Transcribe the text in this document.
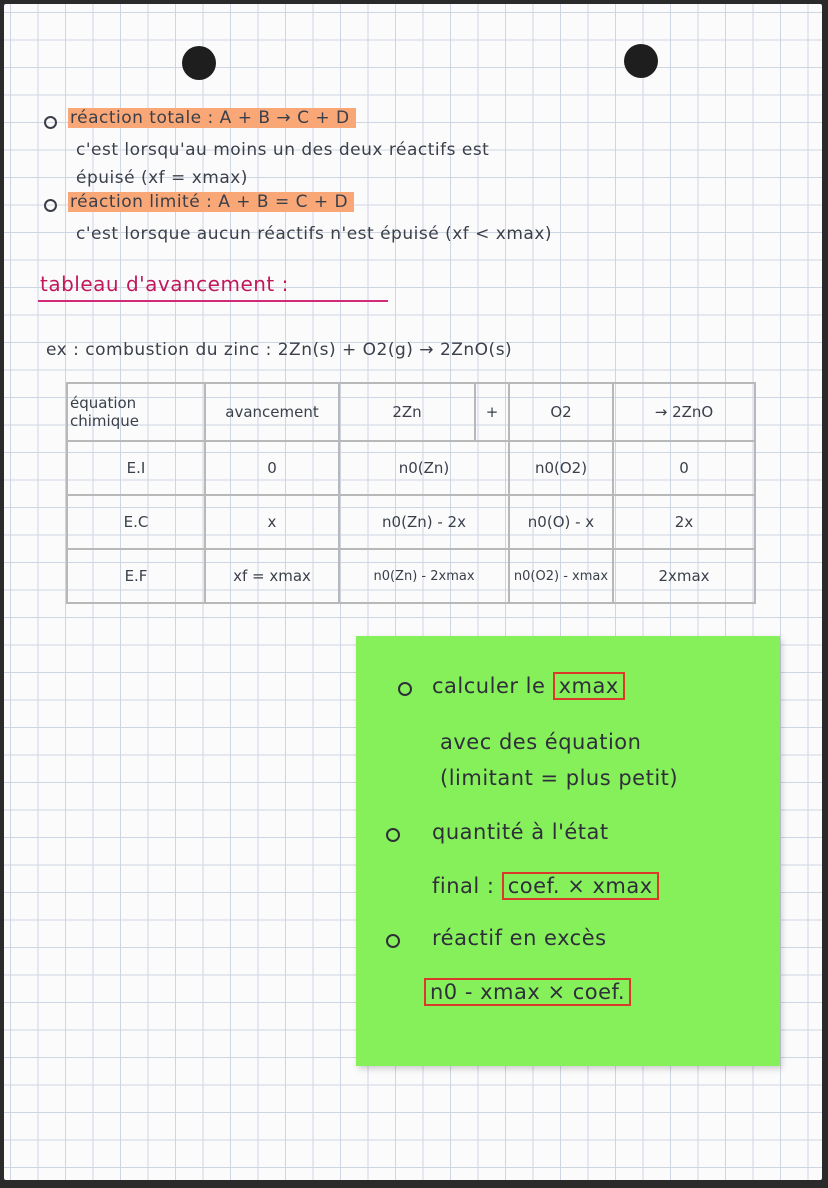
réaction totale : A + B → C + D
c'est lorsqu'au moins un des deux réactifs est
épuisé (xf = xmax)
réaction limité : A + B = C + D
c'est lorsque aucun réactifs n'est épuisé (xf < xmax)
tableau d'avancement :
ex : combustion du zinc : 2Zn(s) + O2(g) → 2ZnO(s)
équation chimique	avancement	2Zn	+	O2	→ 2ZnO
E.I	0	n0(Zn)		n0(O2)	0
E.C	x	n0(Zn) - 2x		n0(O) - x	2x
E.F	xf = xmax	n0(Zn) - 2xmax		n0(O2) - xmax	2xmax
calculer le xmax
avec des équation
(limitant = plus petit)
quantité à l'état
final : coef. × xmax
réactif en excès
n0 - xmax × coef.
